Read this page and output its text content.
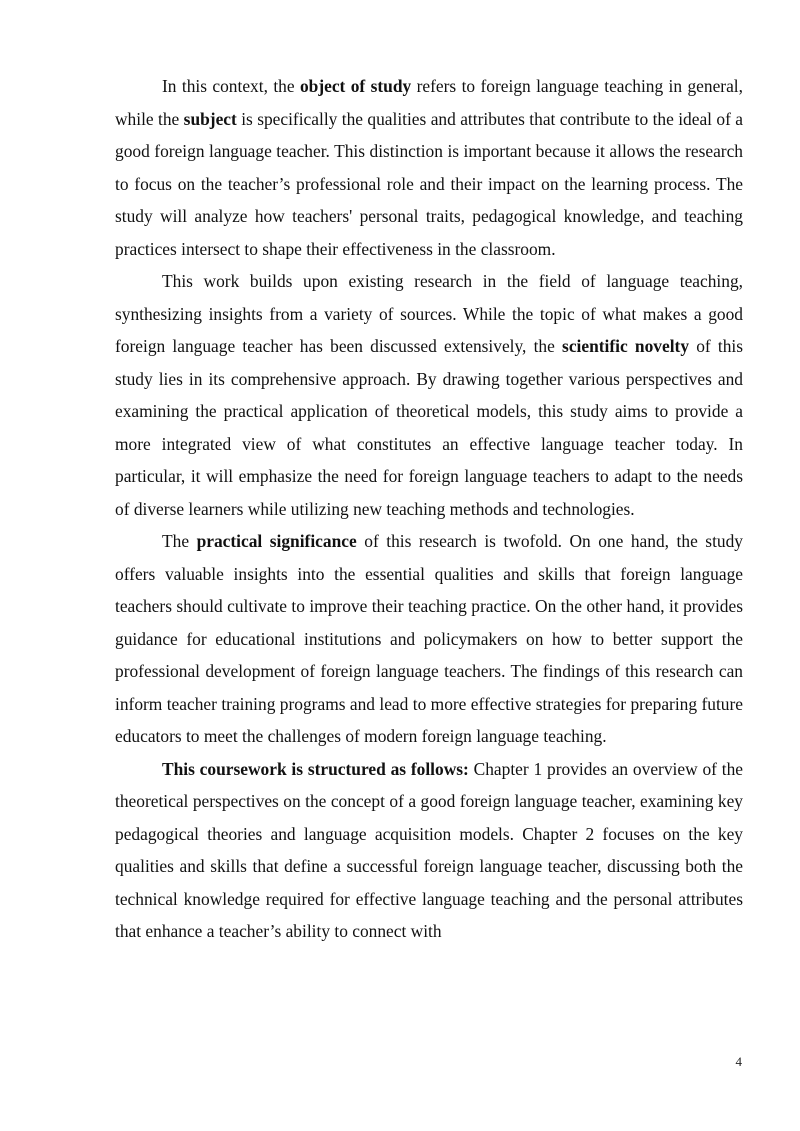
In this context, the object of study refers to foreign language teaching in general, while the subject is specifically the qualities and attributes that contribute to the ideal of a good foreign language teacher. This distinction is important because it allows the research to focus on the teacher’s professional role and their impact on the learning process. The study will analyze how teachers' personal traits, pedagogical knowledge, and teaching practices intersect to shape their effectiveness in the classroom.

This work builds upon existing research in the field of language teaching, synthesizing insights from a variety of sources. While the topic of what makes a good foreign language teacher has been discussed extensively, the scientific novelty of this study lies in its comprehensive approach. By drawing together various perspectives and examining the practical application of theoretical models, this study aims to provide a more integrated view of what constitutes an effective language teacher today. In particular, it will emphasize the need for foreign language teachers to adapt to the needs of diverse learners while utilizing new teaching methods and technologies.

The practical significance of this research is twofold. On one hand, the study offers valuable insights into the essential qualities and skills that foreign language teachers should cultivate to improve their teaching practice. On the other hand, it provides guidance for educational institutions and policymakers on how to better support the professional development of foreign language teachers. The findings of this research can inform teacher training programs and lead to more effective strategies for preparing future educators to meet the challenges of modern foreign language teaching.

This coursework is structured as follows: Chapter 1 provides an overview of the theoretical perspectives on the concept of a good foreign language teacher, examining key pedagogical theories and language acquisition models. Chapter 2 focuses on the key qualities and skills that define a successful foreign language teacher, discussing both the technical knowledge required for effective language teaching and the personal attributes that enhance a teacher’s ability to connect with

4
